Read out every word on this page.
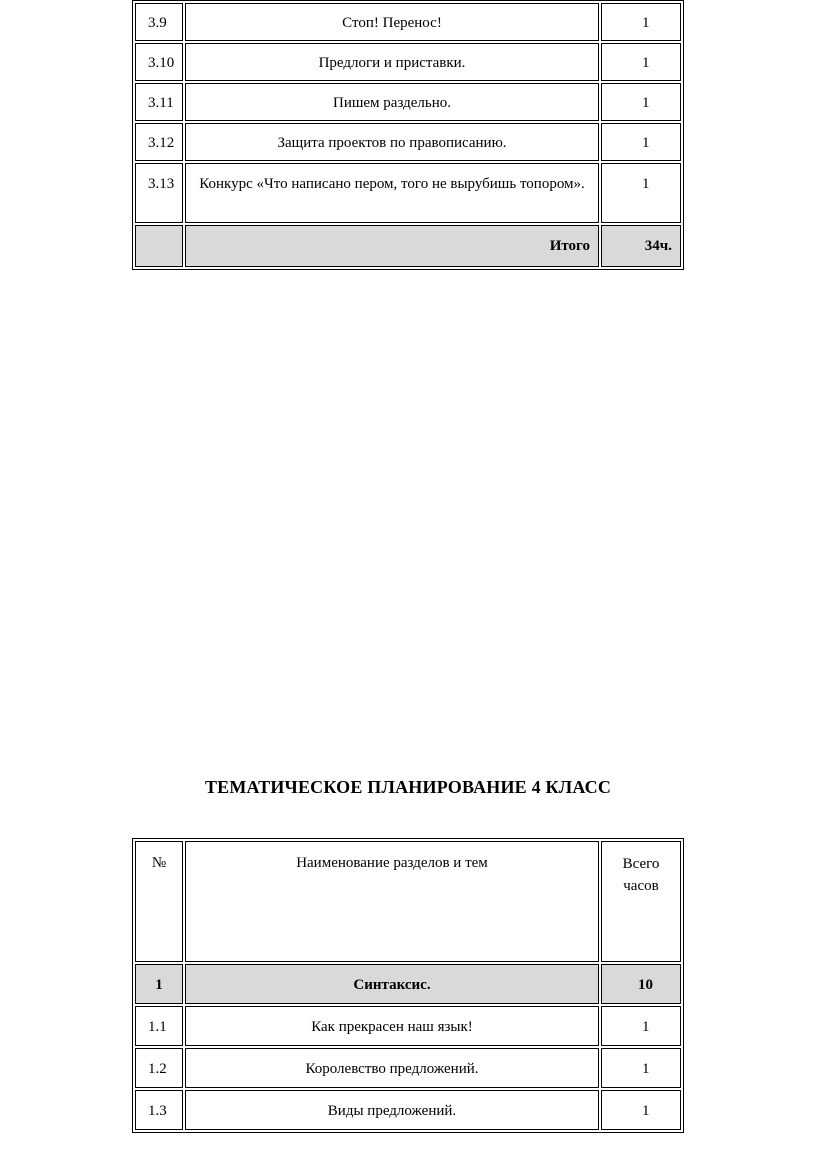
3.9	Стоп! Перенос!	1
3.10	Предлоги и приставки.	1
3.11	Пишем раздельно.	1
3.12	Защита проектов по правописанию.	1
3.13	Конкурс «Что написано пером, того не вырубишь топором».	1
	Итого	34ч.
ТЕМАТИЧЕСКОЕ ПЛАНИРОВАНИЕ 4 КЛАСС
№	Наименование разделов и тем	Всего часов
1	Синтаксис.	10
1.1	Как прекрасен наш язык!	1
1.2	Королевство предложений.	1
1.3	Виды предложений.	1
